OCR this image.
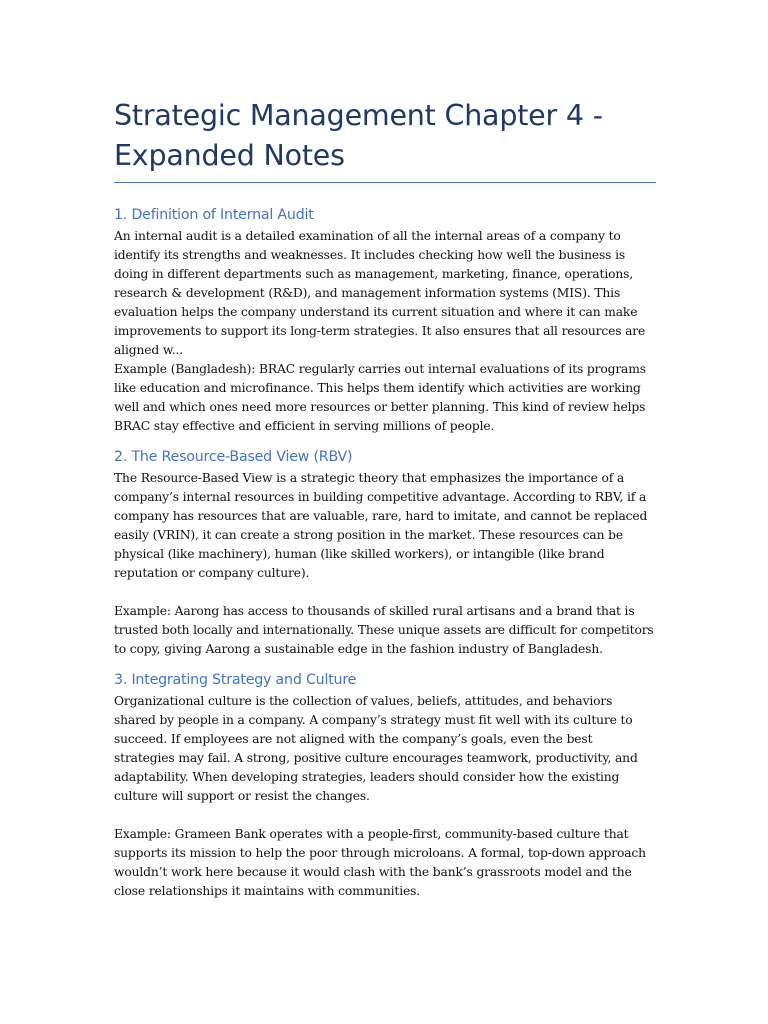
Strategic Management Chapter 4 - Expanded Notes
1. Definition of Internal Audit

An internal audit is a detailed examination of all the internal areas of a company to identify its strengths and weaknesses. It includes checking how well the business is doing in different departments such as management, marketing, finance, operations, research & development (R&D), and management information systems (MIS). This evaluation helps the company understand its current situation and where it can make improvements to support its long-term strategies. It also ensures that all resources are aligned w...

Example (Bangladesh): BRAC regularly carries out internal evaluations of its programs like education and microfinance. This helps them identify which activities are working well and which ones need more resources or better planning. This kind of review helps BRAC stay effective and efficient in serving millions of people.

2. The Resource-Based View (RBV)

The Resource-Based View is a strategic theory that emphasizes the importance of a company’s internal resources in building competitive advantage. According to RBV, if a company has resources that are valuable, rare, hard to imitate, and cannot be replaced easily (VRIN), it can create a strong position in the market. These resources can be physical (like machinery), human (like skilled workers), or intangible (like brand reputation or company culture).

Example: Aarong has access to thousands of skilled rural artisans and a brand that is trusted both locally and internationally. These unique assets are difficult for competitors to copy, giving Aarong a sustainable edge in the fashion industry of Bangladesh.

3. Integrating Strategy and Culture

Organizational culture is the collection of values, beliefs, attitudes, and behaviors shared by people in a company. A company’s strategy must fit well with its culture to succeed. If employees are not aligned with the company’s goals, even the best strategies may fail. A strong, positive culture encourages teamwork, productivity, and adaptability. When developing strategies, leaders should consider how the existing culture will support or resist the changes.

Example: Grameen Bank operates with a people-first, community-based culture that supports its mission to help the poor through microloans. A formal, top-down approach wouldn’t work here because it would clash with the bank’s grassroots model and the close relationships it maintains with communities.
